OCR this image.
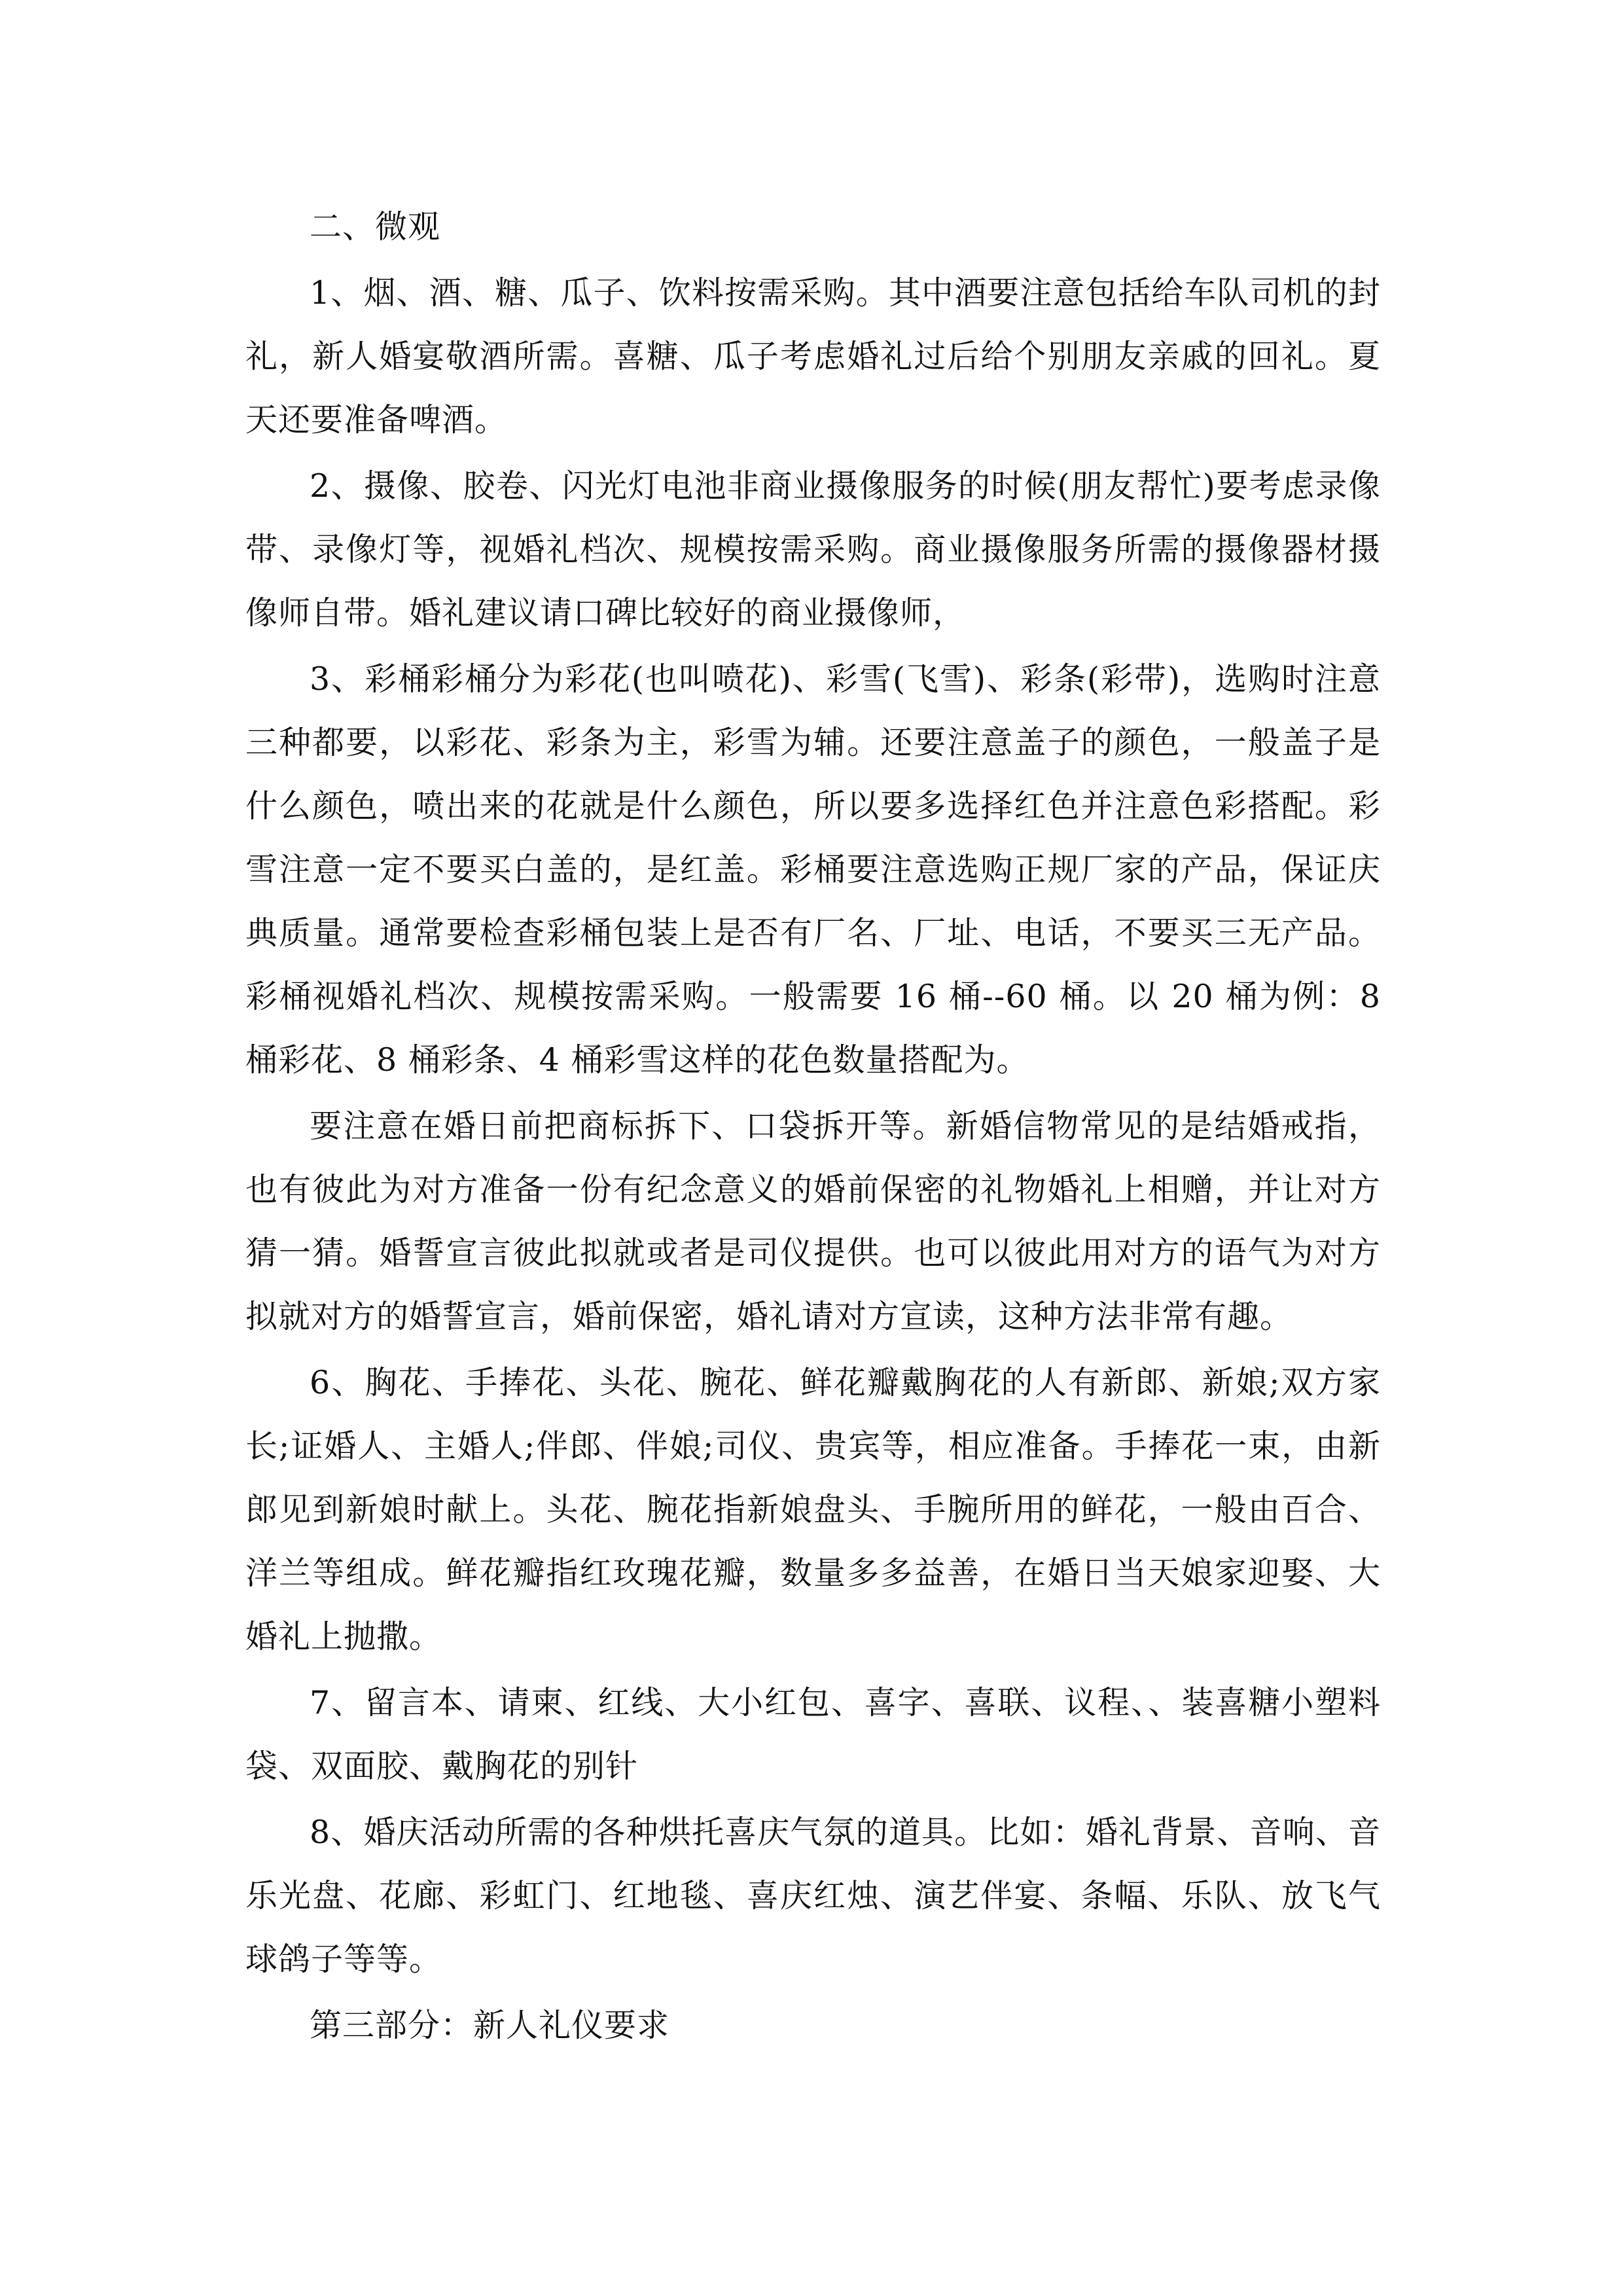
二、微观

1、烟、酒、糖、瓜子、饮料按需采购。其中酒要注意包括给车队司机的封礼，新人婚宴敬酒所需。喜糖、瓜子考虑婚礼过后给个别朋友亲戚的回礼。夏天还要准备啤酒。

2、摄像、胶卷、闪光灯电池非商业摄像服务的时候(朋友帮忙)要考虑录像带、录像灯等，视婚礼档次、规模按需采购。商业摄像服务所需的摄像器材摄像师自带。婚礼建议请口碑比较好的商业摄像师，

3、彩桶彩桶分为彩花(也叫喷花)、彩雪(飞雪)、彩条(彩带)，选购时注意三种都要，以彩花、彩条为主，彩雪为辅。还要注意盖子的颜色，一般盖子是什么颜色，喷出来的花就是什么颜色，所以要多选择红色并注意色彩搭配。彩雪注意一定不要买白盖的，是红盖。彩桶要注意选购正规厂家的产品，保证庆典质量。通常要检查彩桶包装上是否有厂名、厂址、电话，不要买三无产品。彩桶视婚礼档次、规模按需采购。一般需要 16 桶--60 桶。以 20 桶为例：8 桶彩花、8 桶彩条、4 桶彩雪这样的花色数量搭配为。

要注意在婚日前把商标拆下、口袋拆开等。新婚信物常见的是结婚戒指，也有彼此为对方准备一份有纪念意义的婚前保密的礼物婚礼上相赠，并让对方猜一猜。婚誓宣言彼此拟就或者是司仪提供。也可以彼此用对方的语气为对方拟就对方的婚誓宣言，婚前保密，婚礼请对方宣读，这种方法非常有趣。

6、胸花、手捧花、头花、腕花、鲜花瓣戴胸花的人有新郎、新娘;双方家长;证婚人、主婚人;伴郎、伴娘;司仪、贵宾等，相应准备。手捧花一束，由新郎见到新娘时献上。头花、腕花指新娘盘头、手腕所用的鲜花，一般由百合、洋兰等组成。鲜花瓣指红玫瑰花瓣，数量多多益善，在婚日当天娘家迎娶、大婚礼上抛撒。

7、留言本、请柬、红线、大小红包、喜字、喜联、议程、、装喜糖小塑料袋、双面胶、戴胸花的别针

8、婚庆活动所需的各种烘托喜庆气氛的道具。比如：婚礼背景、音响、音乐光盘、花廊、彩虹门、红地毯、喜庆红烛、演艺伴宴、条幅、乐队、放飞气球鸽子等等。

第三部分：新人礼仪要求
